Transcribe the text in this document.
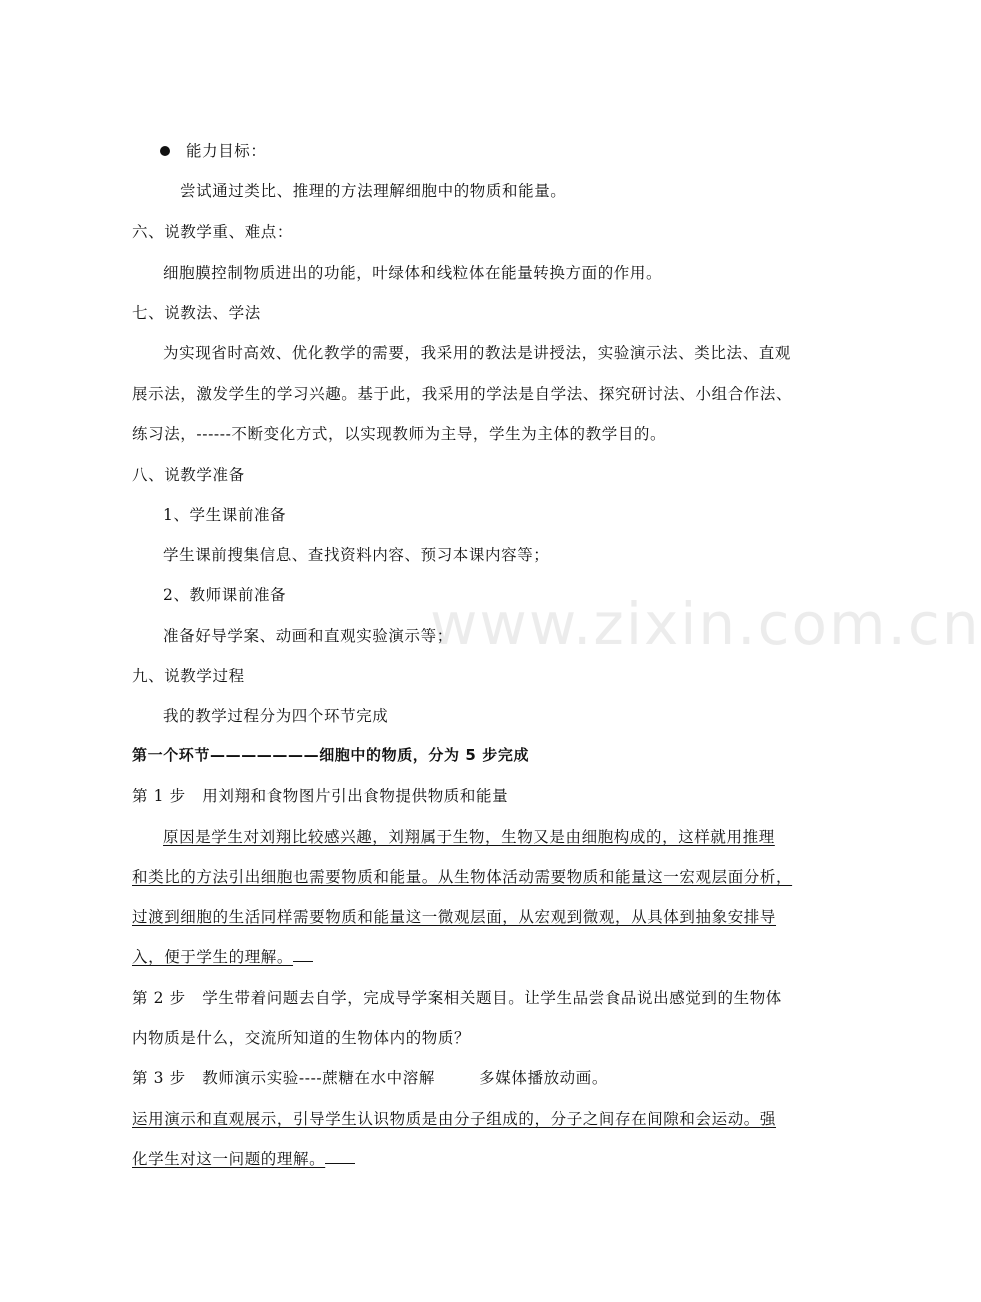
www.zixin.com.cn
能力目标：
尝试通过类比、推理的方法理解细胞中的物质和能量。
六、说教学重、难点：
细胞膜控制物质进出的功能，叶绿体和线粒体在能量转换方面的作用。
七、说教法、学法
为实现省时高效、优化教学的需要，我采用的教法是讲授法，实验演示法、类比法、直观
展示法，激发学生的学习兴趣。基于此，我采用的学法是自学法、探究研讨法、小组合作法、
练习法，------不断变化方式，以实现教师为主导，学生为主体的教学目的。
八、说教学准备
1、学生课前准备
学生课前搜集信息、查找资料内容、预习本课内容等；
2、教师课前准备
准备好导学案、动画和直观实验演示等；
九、说教学过程
我的教学过程分为四个环节完成
第一个环节———————细胞中的物质，分为 5 步完成
第 1 步   用刘翔和食物图片引出食物提供物质和能量
原因是学生对刘翔比较感兴趣，刘翔属于生物，生物又是由细胞构成的，这样就用推理
和类比的方法引出细胞也需要物质和能量。从生物体活动需要物质和能量这一宏观层面分析，
过渡到细胞的生活同样需要物质和能量这一微观层面，从宏观到微观，从具体到抽象安排导
入，便于学生的理解。
第 2 步   学生带着问题去自学，完成导学案相关题目。让学生品尝食品说出感觉到的生物体
内物质是什么，交流所知道的生物体内的物质？
第 3 步   教师演示实验----蔗糖在水中溶解        多媒体播放动画。
运用演示和直观展示，引导学生认识物质是由分子组成的，分子之间存在间隙和会运动。强
化学生对这一问题的理解。
